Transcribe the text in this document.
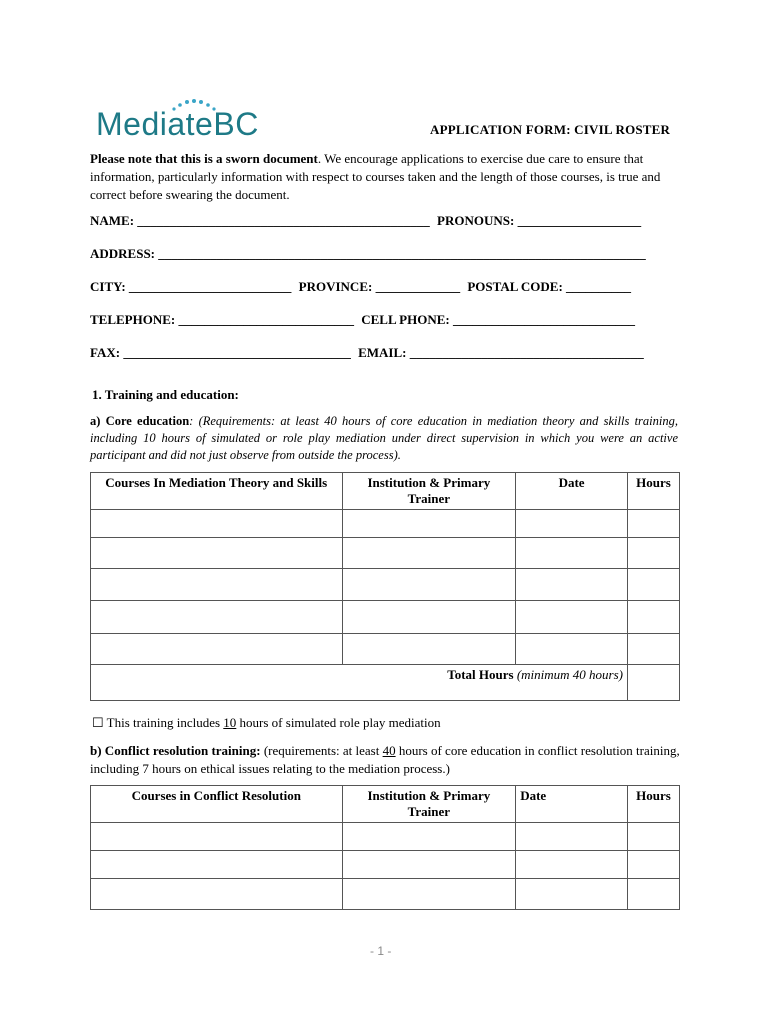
MediateBC	APPLICATION FORM: CIVIL ROSTER
Please note that this is a sworn document. We encourage applications to exercise due care to ensure that information, particularly information with respect to courses taken and the length of those courses, is true and correct before swearing the document.
NAME: _____________________________________________ PRONOUNS: ___________________
ADDRESS: ___________________________________________________________________________
CITY: _________________________ PROVINCE: _____________ POSTAL CODE: __________
TELEPHONE: ___________________________ CELL PHONE: ____________________________
FAX: ___________________________________ EMAIL: ____________________________________
1. Training and education:
a) Core education: (Requirements: at least 40 hours of core education in mediation theory and skills training, including 10 hours of simulated or role play mediation under direct supervision in which you were an active participant and did not just observe from outside the process).
Courses In Mediation Theory and Skills	Institution & Primary Trainer	Date	Hours

Total Hours (minimum 40 hours)			
☐ This training includes 10 hours of simulated role play mediation
b) Conflict resolution training: (requirements: at least 40 hours of core education in conflict resolution training, including 7 hours on ethical issues relating to the mediation process.)
Courses in Conflict Resolution	Institution & Primary Trainer	Date	Hours

- 1 -
